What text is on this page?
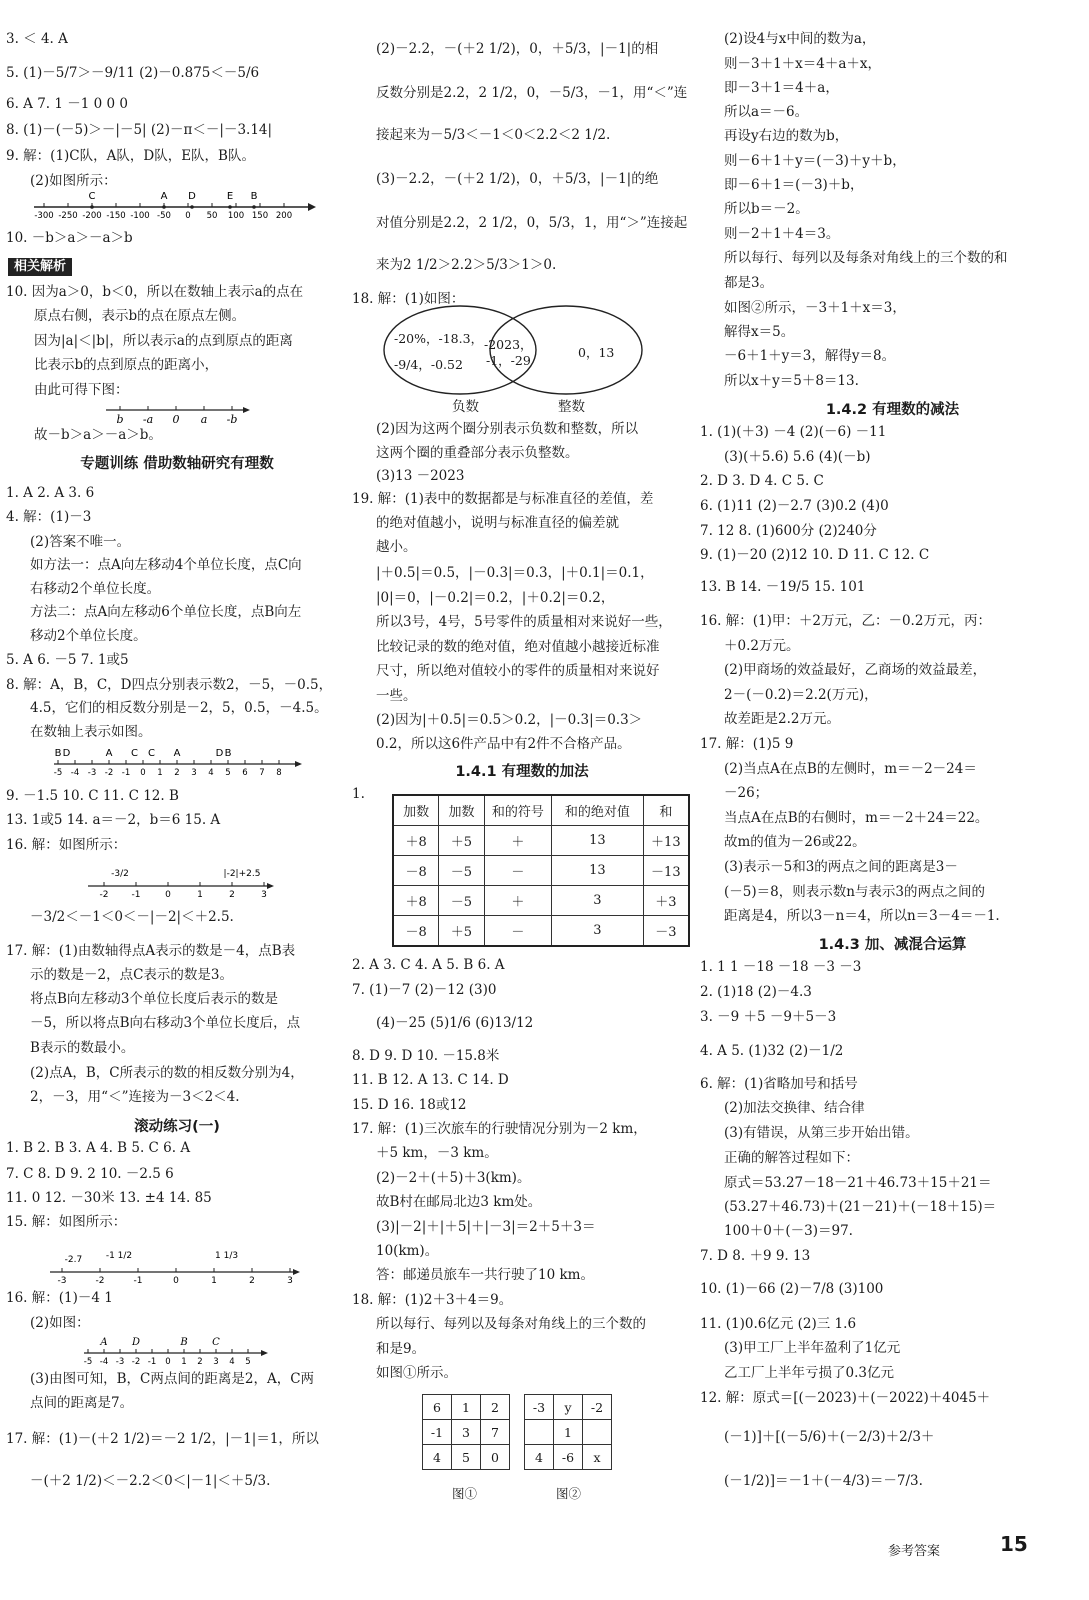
3. ＜ 4. A
5. (1)－5/7＞－9/11 (2)－0.875＜－5/6
6. A 7. 1 －1 0 0 0
8. (1)－(－5)＞－|－5| (2)－π＜－|－3.14|
9. 解：(1)C队，A队，D队，E队，B队。
(2)如图所示：
-300 -250 -200 -150 -100 -50 0 50 100 150 200
C	A D	E B
10. －b＞a＞－a＞b
相关解析
10. 因为a＞0，b＜0，所以在数轴上表示a的点在
原点右侧，表示b的点在原点左侧。
因为|a|＜|b|，所以表示a的点到原点的距离
比表示b的点到原点的距离小，
由此可得下图：
b -a 0 a -b
故－b＞a＞－a＞b。
专题训练 借助数轴研究有理数
1. A 2. A 3. 6
4. 解：(1)－3
(2)答案不唯一。
如方法一：点A向左移动4个单位长度，点C向
右移动2个单位长度。
方法二：点A向左移动6个单位长度，点B向左
移动2个单位长度。
5. A 6. －5 7. 1或5
8. 解：A，B，C，D四点分别表示数2，－5，－0.5，
4.5，它们的相反数分别是－2，5，0.5，－4.5。
在数轴上表示如图。
-5 -4 -3 -2 -1 0 1 2 3 4 5 6 7 8
B D	A C C A	D B
9. －1.5 10. C 11. C 12. B
13. 1或5 14. a＝－2，b＝6 15. A
16. 解：如图所示：
-2	-1	0	1	2	3
-3/2	|-2|+2.5
－3/2＜－1＜0＜－|－2|＜＋2.5.
17. 解：(1)由数轴得点A表示的数是－4，点B表
示的数是－2，点C表示的数是3。
将点B向左移动3个单位长度后表示的数是
－5，所以将点B向右移动3个单位长度后，点
B表示的数最小。
(2)点A，B，C所表示的数的相反数分别为4，
2，－3，用“＜”连接为－3＜2＜4.
滚动练习(一)
1. B 2. B 3. A 4. B 5. C 6. A
7. C 8. D 9. 2 10. －2.5 6
11. 0 12. －30米 13. ±4 14. 85
15. 解：如图所示：
-3	-2	-1	0	1	2	3
-2.7	-1 1/2	1 1/3
16. 解：(1)－4 1
(2)如图：
-5 -4 -3 -2 -1 0 1 2 3 4 5
A D	B C
(3)由图可知，B，C两点间的距离是2，A，C两
点间的距离是7。
17. 解：(1)－(＋2 1/2)＝－2 1/2，|－1|＝1，所以
－(＋2 1/2)＜－2.2＜0＜|－1|＜＋5/3.
(2)－2.2，－(＋2 1/2)，0，＋5/3，|－1|的相
反数分别是2.2，2 1/2，0，－5/3，－1，用“＜”连
接起来为－5/3＜－1＜0＜2.2＜2 1/2.
(3)－2.2，－(＋2 1/2)，0，＋5/3，|－1|的绝
对值分别是2.2，2 1/2，0，5/3，1，用“＞”连接起
来为2 1/2＞2.2＞5/3＞1＞0.
18. 解：(1)如图：
-20%，-18.3，
-9/4，-0.52
-2023，
-1，-29
0，13
负数	整数
(2)因为这两个圈分别表示负数和整数，所以
这两个圈的重叠部分表示负整数。
(3)13 －2023
19. 解：(1)表中的数据都是与标准直径的差值，差
的绝对值越小，说明与标准直径的偏差就
越小。
|＋0.5|＝0.5，|－0.3|＝0.3，|＋0.1|＝0.1，
|0|＝0，|－0.2|＝0.2，|＋0.2|＝0.2，
所以3号，4号，5号零件的质量相对来说好一些，
比较记录的数的绝对值，绝对值越小越接近标准
尺寸，所以绝对值较小的零件的质量相对来说好
一些。
(2)因为|＋0.5|＝0.5＞0.2，|－0.3|＝0.3＞
0.2，所以这6件产品中有2件不合格产品。
1.4.1 有理数的加法
1.
加数	加数	和的符号	和的绝对值	和
＋8	＋5	＋	13	＋13
－8	－5	－	13	－13
＋8	－5	＋	3	＋3
－8	＋5	－	3	－3
2. A 3. C 4. A 5. B 6. A
7. (1)－7 (2)－12 (3)0
(4)－25 (5)1/6 (6)13/12
8. D 9. D 10. －15.8米
11. B 12. A 13. C 14. D
15. D 16. 18或12
17. 解：(1)三次旅车的行驶情况分别为－2 km，
＋5 km，－3 km。
(2)－2＋(＋5)＋3(km)。
故B村在邮局北边3 km处。
(3)|－2|＋|＋5|＋|－3|＝2＋5＋3＝
10(km)。
答：邮递员旅车一共行驶了10 km。
18. 解：(1)2＋3＋4＝9。
所以每行、每列以及每条对角线上的三个数的
和是9。
如图①所示。
6	1	2
-1	3	7
4	5	0
-3	y	-2
	1	
4	-6	x
图①	图②
(2)设4与x中间的数为a，
则－3＋1＋x＝4＋a＋x，
即－3＋1＝4＋a，
所以a＝－6。
再设y右边的数为b，
则－6＋1＋y＝(－3)＋y＋b，
即－6＋1＝(－3)＋b，
所以b＝－2。
则－2＋1＋4＝3。
所以每行、每列以及每条对角线上的三个数的和
都是3。
如图②所示，－3＋1＋x＝3，
解得x＝5。
－6＋1＋y＝3，解得y＝8。
所以x＋y＝5＋8＝13.
1.4.2 有理数的减法
1. (1)(＋3) －4 (2)(－6) －11
(3)(＋5.6) 5.6 (4)(－b)
2. D 3. D 4. C 5. C
6. (1)11 (2)－2.7 (3)0.2 (4)0
7. 12 8. (1)600分 (2)240分
9. (1)－20 (2)12 10. D 11. C 12. C
13. B 14. －19/5 15. 101
16. 解：(1)甲：＋2万元，乙：－0.2万元，丙：
＋0.2万元。
(2)甲商场的效益最好，乙商场的效益最差，
2－(－0.2)＝2.2(万元)，
故差距是2.2万元。
17. 解：(1)5 9
(2)当点A在点B的左侧时，m＝－2－24＝
－26；
当点A在点B的右侧时，m＝－2＋24＝22。
故m的值为－26或22。
(3)表示－5和3的两点之间的距离是3－
(－5)＝8，则表示数n与表示3的两点之间的
距离是4，所以3－n＝4，所以n＝3－4＝－1.
1.4.3 加、减混合运算
1. 1 1 －18 －18 －3 －3
2. (1)18 (2)－4.3
3. －9 ＋5 －9＋5－3
4. A 5. (1)32 (2)－1/2
6. 解：(1)省略加号和括号
(2)加法交换律、结合律
(3)有错误，从第三步开始出错。
正确的解答过程如下：
原式＝53.27－18－21＋46.73＋15＋21＝
(53.27＋46.73)＋(21－21)＋(－18＋15)＝
100＋0＋(－3)＝97.
7. D 8. ＋9 9. 13
10. (1)－66 (2)－7/8 (3)100
11. (1)0.6亿元 (2)三 1.6
(3)甲工厂上半年盈利了1亿元
乙工厂上半年亏损了0.3亿元
12. 解：原式＝[(－2023)＋(－2022)＋4045＋
(－1)]＋[(－5/6)＋(－2/3)＋2/3＋
(－1/2)]＝－1＋(－4/3)＝－7/3.
参考答案	15
